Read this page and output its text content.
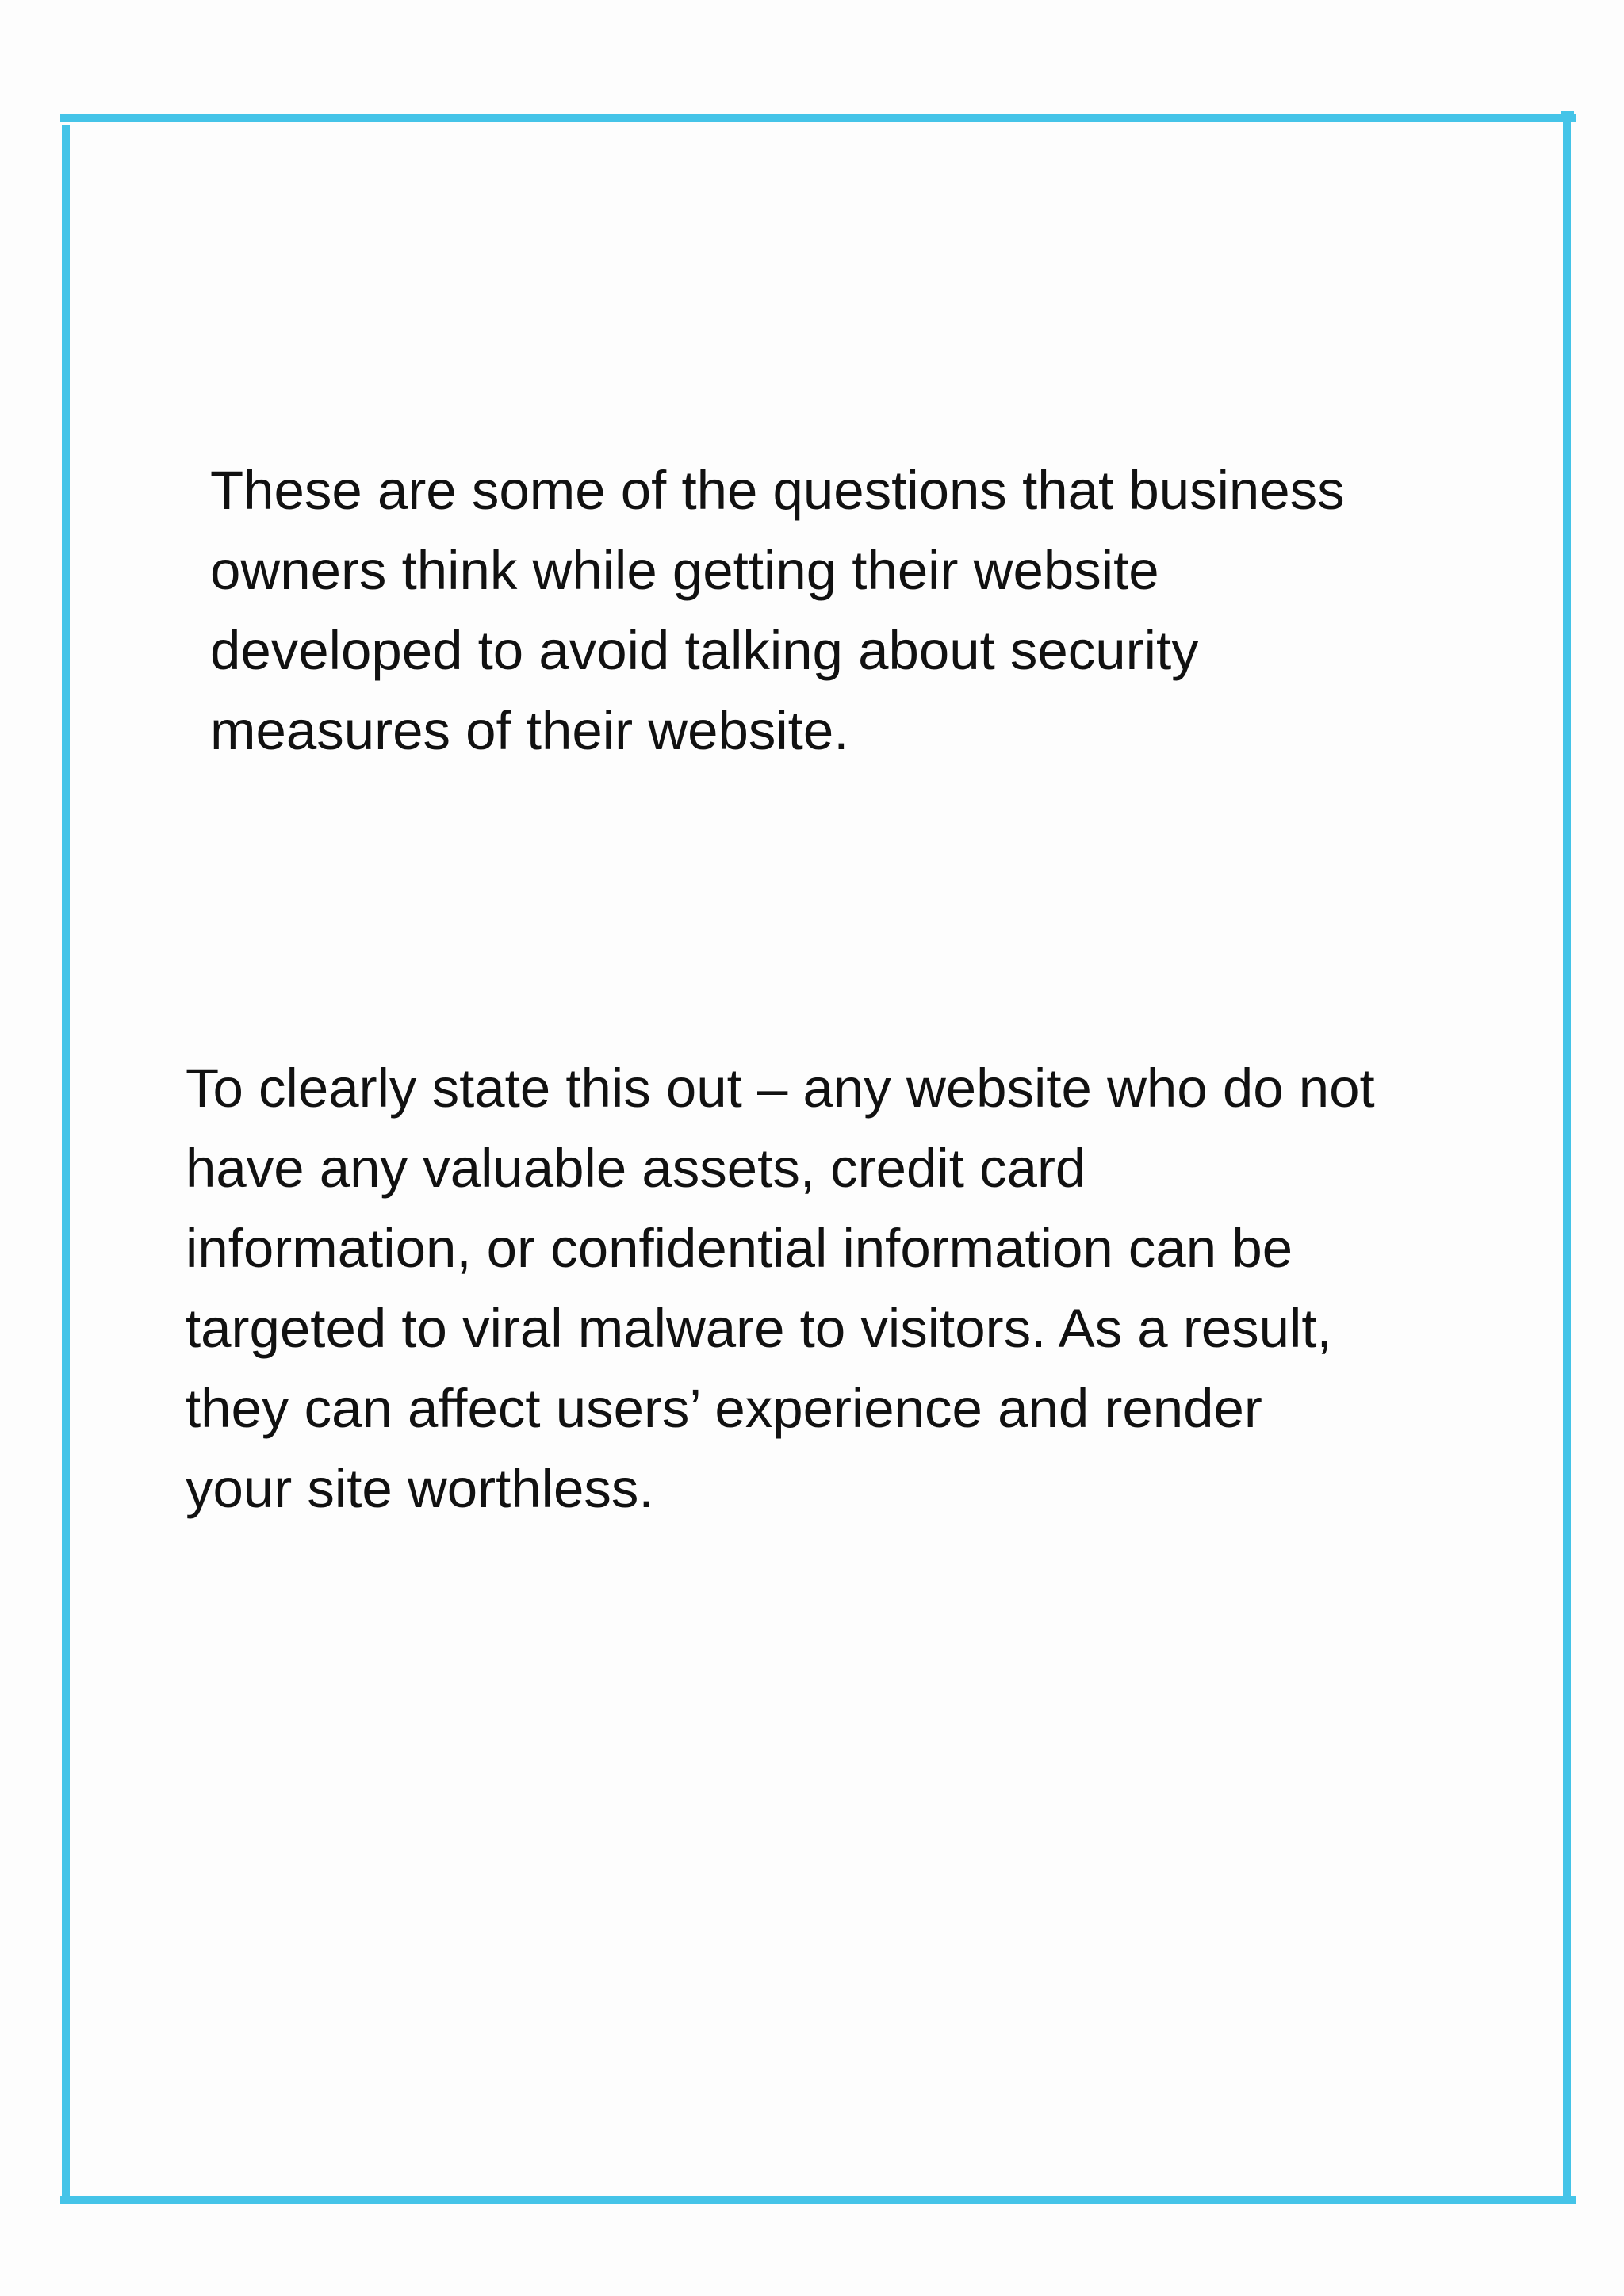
These are some of the questions that business
owners think while getting their website
developed to avoid talking about security
measures of their website.

To clearly state this out – any website who do not
have any valuable assets, credit card
information, or confidential information can be
targeted to viral malware to visitors. As a result,
they can affect users’ experience and render
your site worthless.
